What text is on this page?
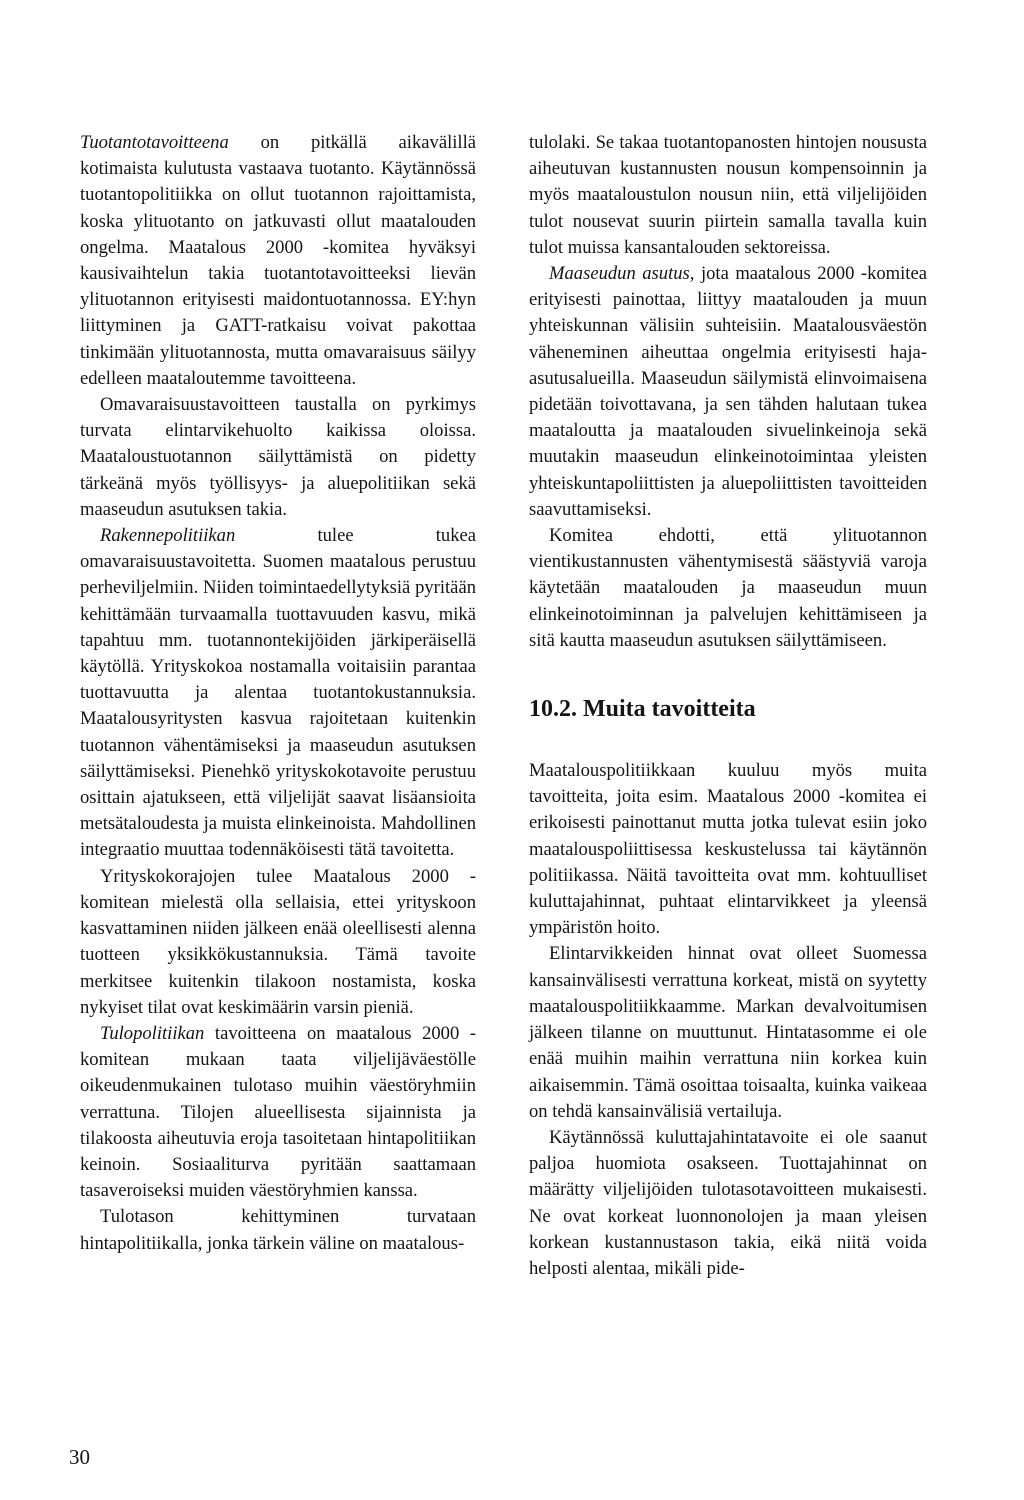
Tuotantotavoitteena on pitkällä aikavälillä kotimaista kulutusta vastaava tuotanto. Käytännössä tuotantopolitiikka on ollut tuotannon rajoittamista, koska ylituotanto on jatkuvasti ollut maatalouden ongelma. Maatalous 2000 -komitea hyväksyi kausivaihtelun takia tuotantotavoitteeksi lievän ylituotannon erityisesti maidontuotannossa. EY:hyn liittyminen ja GATT-ratkaisu voivat pakottaa tinkimään ylituotannosta, mutta omavaraisuus säilyy edelleen maataloutemme tavoitteena.

Omavaraisuustavoitteen taustalla on pyrkimys turvata elintarvikehuolto kaikissa oloissa. Maataloustuotannon säilyttämistä on pidetty tärkeänä myös työllisyys- ja aluepolitiikan sekä maaseudun asutuksen takia.

Rakennepolitiikan tulee tukea omavaraisuustavoitetta. Suomen maatalous perustuu perheviljelmiin. Niiden toimintaedellytyksiä pyritään kehittämään turvaamalla tuottavuuden kasvu, mikä tapahtuu mm. tuotannontekijöiden järkiperäisellä käytöllä. Yrityskokoa nostamalla voitaisiin parantaa tuottavuutta ja alentaa tuotantokustannuksia. Maatalousyritysten kasvua rajoitetaan kuitenkin tuotannon vähentämiseksi ja maaseudun asutuksen säilyttämiseksi. Pienehkö yrityskokotavoite perustuu osittain ajatukseen, että viljelijät saavat lisäansioita metsätaloudesta ja muista elinkeinoista. Mahdollinen integraatio muuttaa todennäköisesti tätä tavoitetta.

Yrityskokorajojen tulee Maatalous 2000 -komitean mielestä olla sellaisia, ettei yrityskoon kasvattaminen niiden jälkeen enää oleellisesti alenna tuotteen yksikkökustannuksia. Tämä tavoite merkitsee kuitenkin tilakoon nostamista, koska nykyiset tilat ovat keskimäärin varsin pieniä.

Tulopolitiikan tavoitteena on maatalous 2000 -komitean mukaan taata viljelijäväestölle oikeudenmukainen tulotaso muihin väestöryhmiin verrattuna. Tilojen alueellisesta sijainnista ja tilakoosta aiheutuvia eroja tasoitetaan hintapolitiikan keinoin. Sosiaaliturva pyritään saattamaan tasaveroiseksi muiden väestöryhmien kanssa.

Tulotason kehittyminen turvataan hintapolitiikalla, jonka tärkein väline on maatalous-

tulolaki. Se takaa tuotantopanosten hintojen noususta aiheutuvan kustannusten nousun kompensoinnin ja myös maataloustulon nousun niin, että viljelijöiden tulot nousevat suurin piirtein samalla tavalla kuin tulot muissa kansantalouden sektoreissa.

Maaseudun asutus, jota maatalous 2000 -komitea erityisesti painottaa, liittyy maatalouden ja muun yhteiskunnan välisiin suhteisiin. Maatalousväestön väheneminen aiheuttaa ongelmia erityisesti haja-asutusalueilla. Maaseudun säilymistä elinvoimaisena pidetään toivottavana, ja sen tähden halutaan tukea maataloutta ja maatalouden sivuelinkeinoja sekä muutakin maaseudun elinkeinotoimintaa yleisten yhteiskuntapoliittisten ja aluepoliittisten tavoitteiden saavuttamiseksi.

Komitea ehdotti, että ylituotannon vientikustannusten vähentymisestä säästyviä varoja käytetään maatalouden ja maaseudun muun elinkeinotoiminnan ja palvelujen kehittämiseen ja sitä kautta maaseudun asutuksen säilyttämiseen.

10.2. Muita tavoitteita

Maatalouspolitiikkaan kuuluu myös muita tavoitteita, joita esim. Maatalous 2000 -komitea ei erikoisesti painottanut mutta jotka tulevat esiin joko maatalouspoliittisessa keskustelussa tai käytännön politiikassa. Näitä tavoitteita ovat mm. kohtuulliset kuluttajahinnat, puhtaat elintarvikkeet ja yleensä ympäristön hoito.

Elintarvikkeiden hinnat ovat olleet Suomessa kansainvälisesti verrattuna korkeat, mistä on syytetty maatalouspolitiikkaamme. Markan devalvoitumisen jälkeen tilanne on muuttunut. Hintatasomme ei ole enää muihin maihin verrattuna niin korkea kuin aikaisemmin. Tämä osoittaa toisaalta, kuinka vaikeaa on tehdä kansainvälisiä vertailuja.

Käytännössä kuluttajahintatavoite ei ole saanut paljoa huomiota osakseen. Tuottajahinnat on määrätty viljelijöiden tulotasotavoitteen mukaisesti. Ne ovat korkeat luonnonolojen ja maan yleisen korkean kustannustason takia, eikä niitä voida helposti alentaa, mikäli pide-

30
